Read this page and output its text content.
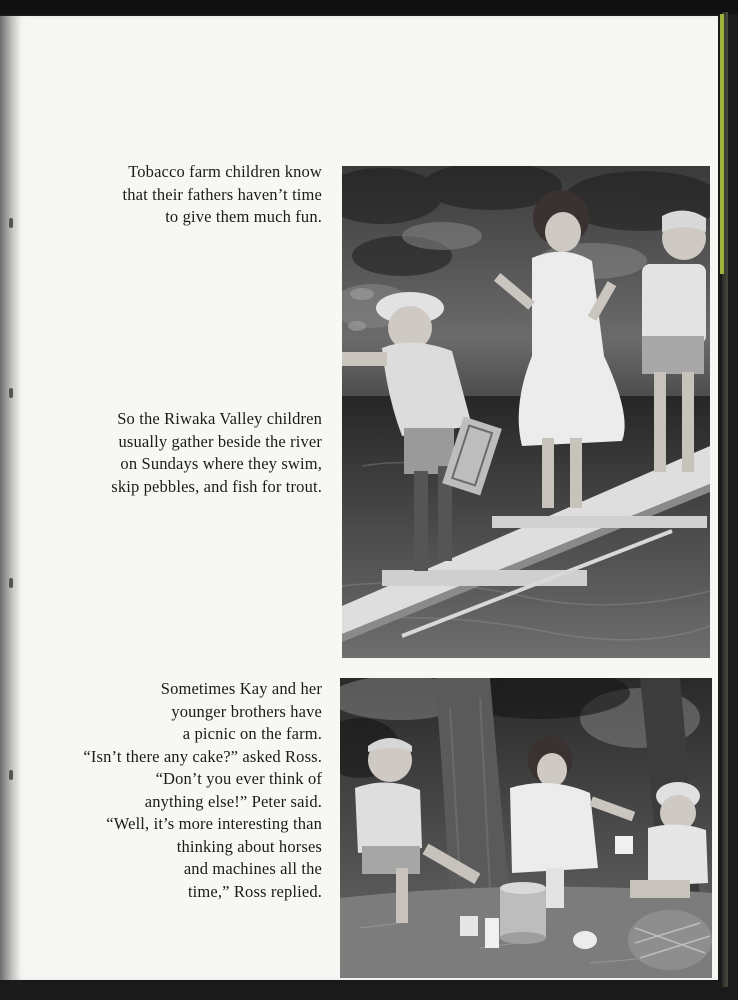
Tobacco farm children know
that their fathers haven’t time
to give them much fun.
So the Riwaka Valley children
usually gather beside the river
on Sundays where they swim,
skip pebbles, and fish for trout.
Sometimes Kay and her
younger brothers have
a picnic on the farm.
“Isn’t there any cake?” asked Ross.
“Don’t you ever think of
anything else!” Peter said.
“Well, it’s more interesting than
thinking about horses
and machines all the
time,” Ross replied.
